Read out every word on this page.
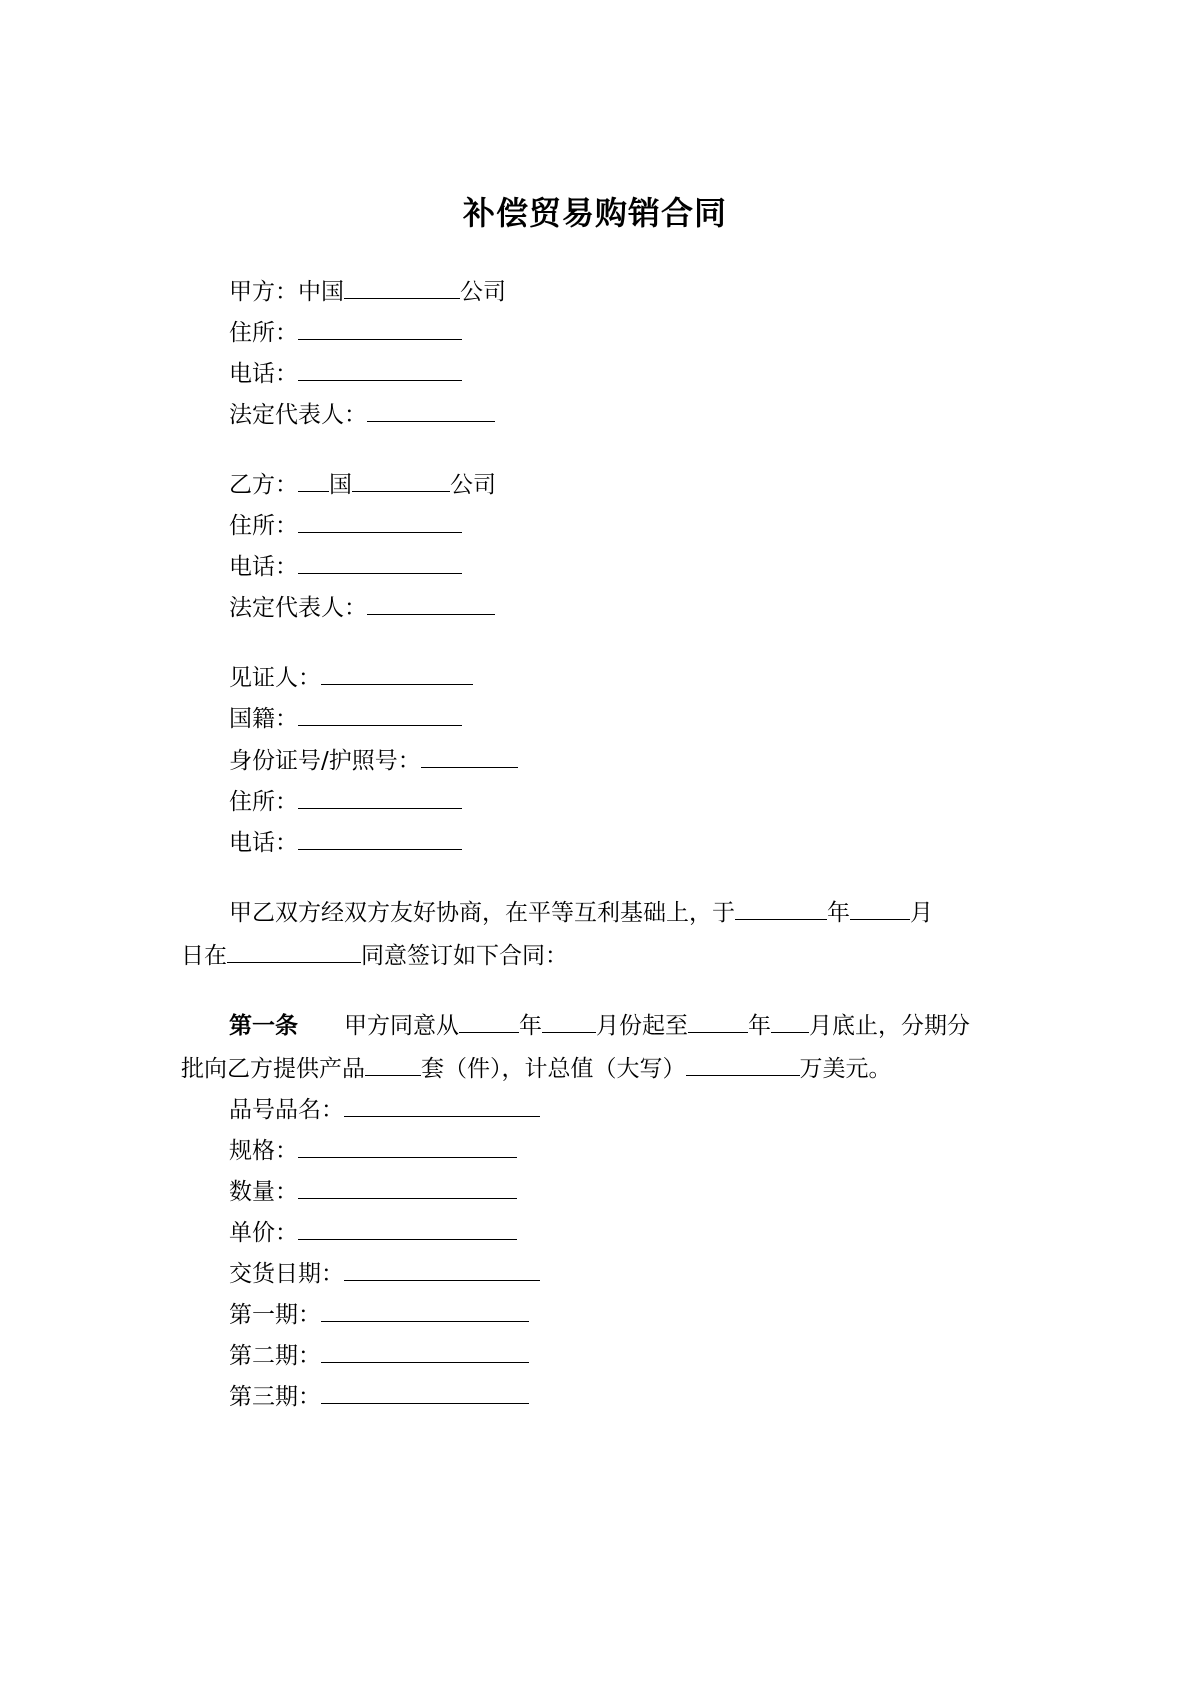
补偿贸易购销合同
甲方：中国	公司
住所：
电话：
法定代表人：
乙方： 国	公司
住所：
电话：
法定代表人：
见证人：
国籍：
身份证号/护照号：
住所：
电话：
甲乙双方经双方友好协商，在平等互利基础上，于	年	月
日在	同意签订如下合同：
第一条 甲方同意从	年 月份起至	年 月底止，分期分
批向乙方提供产品 套（件），计总值（大写）	万美元。
品号品名：
规格：
数量：
单价：
交货日期：
第一期：
第二期：
第三期：
